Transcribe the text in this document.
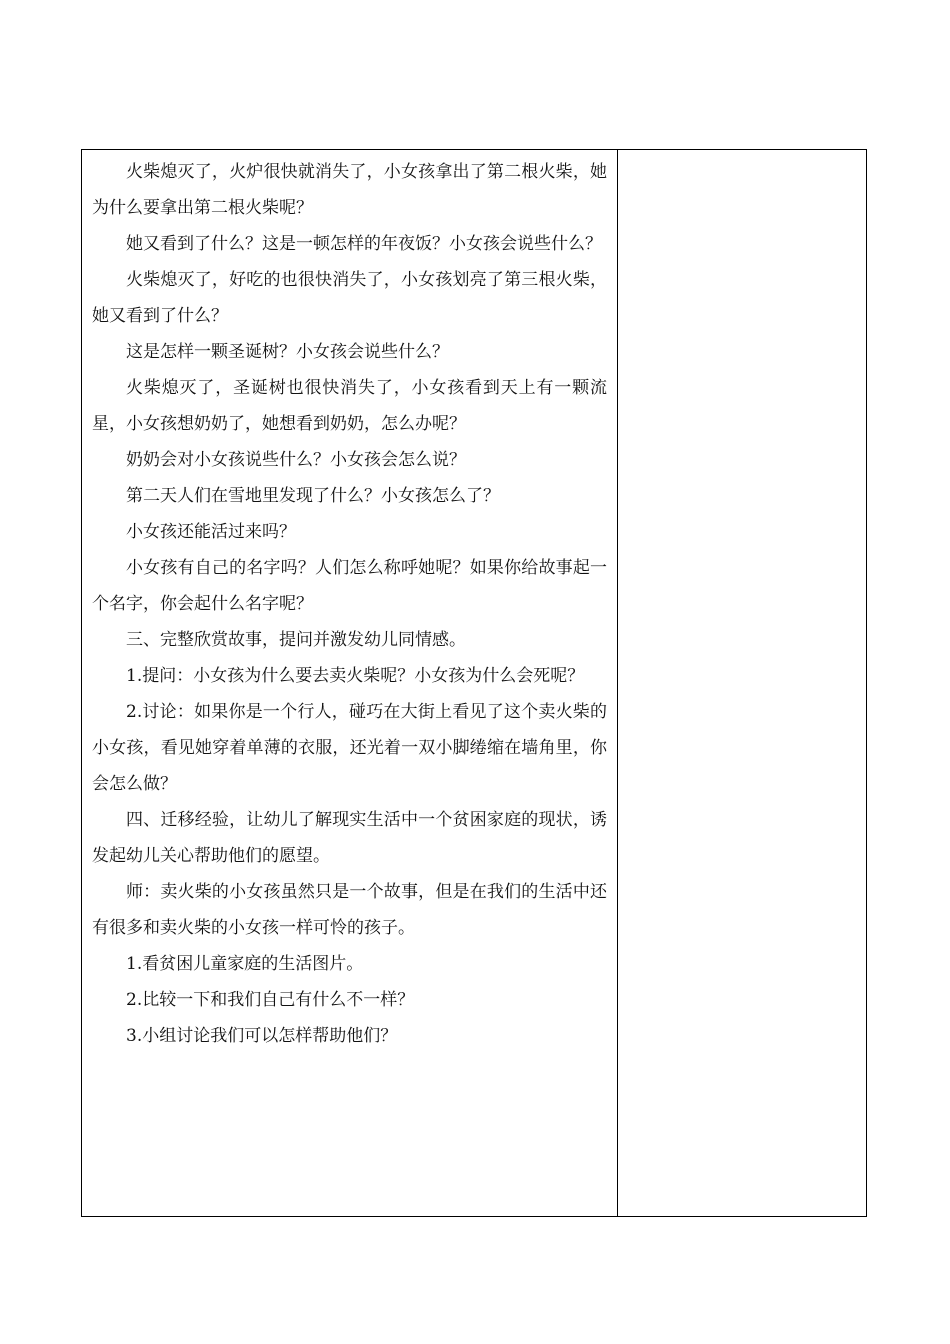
火柴熄灭了，火炉很快就消失了，小女孩拿出了第二根火柴，她为什么要拿出第二根火柴呢？

她又看到了什么？这是一顿怎样的年夜饭？小女孩会说些什么？

火柴熄灭了，好吃的也很快消失了，小女孩划亮了第三根火柴，她又看到了什么？

这是怎样一颗圣诞树？小女孩会说些什么？

火柴熄灭了，圣诞树也很快消失了，小女孩看到天上有一颗流星，小女孩想奶奶了，她想看到奶奶，怎么办呢？

奶奶会对小女孩说些什么？小女孩会怎么说？

第二天人们在雪地里发现了什么？小女孩怎么了？

小女孩还能活过来吗？

小女孩有自己的名字吗？人们怎么称呼她呢？如果你给故事起一个名字，你会起什么名字呢？

三、完整欣赏故事，提问并激发幼儿同情感。

1.提问：小女孩为什么要去卖火柴呢？小女孩为什么会死呢？

2.讨论：如果你是一个行人，碰巧在大街上看见了这个卖火柴的小女孩，看见她穿着单薄的衣服，还光着一双小脚绻缩在墙角里，你会怎么做？

四、迁移经验，让幼儿了解现实生活中一个贫困家庭的现状，诱发起幼儿关心帮助他们的愿望。

师：卖火柴的小女孩虽然只是一个故事，但是在我们的生活中还有很多和卖火柴的小女孩一样可怜的孩子。

1.看贫困儿童家庭的生活图片。

2.比较一下和我们自己有什么不一样？

3.小组讨论我们可以怎样帮助他们？
